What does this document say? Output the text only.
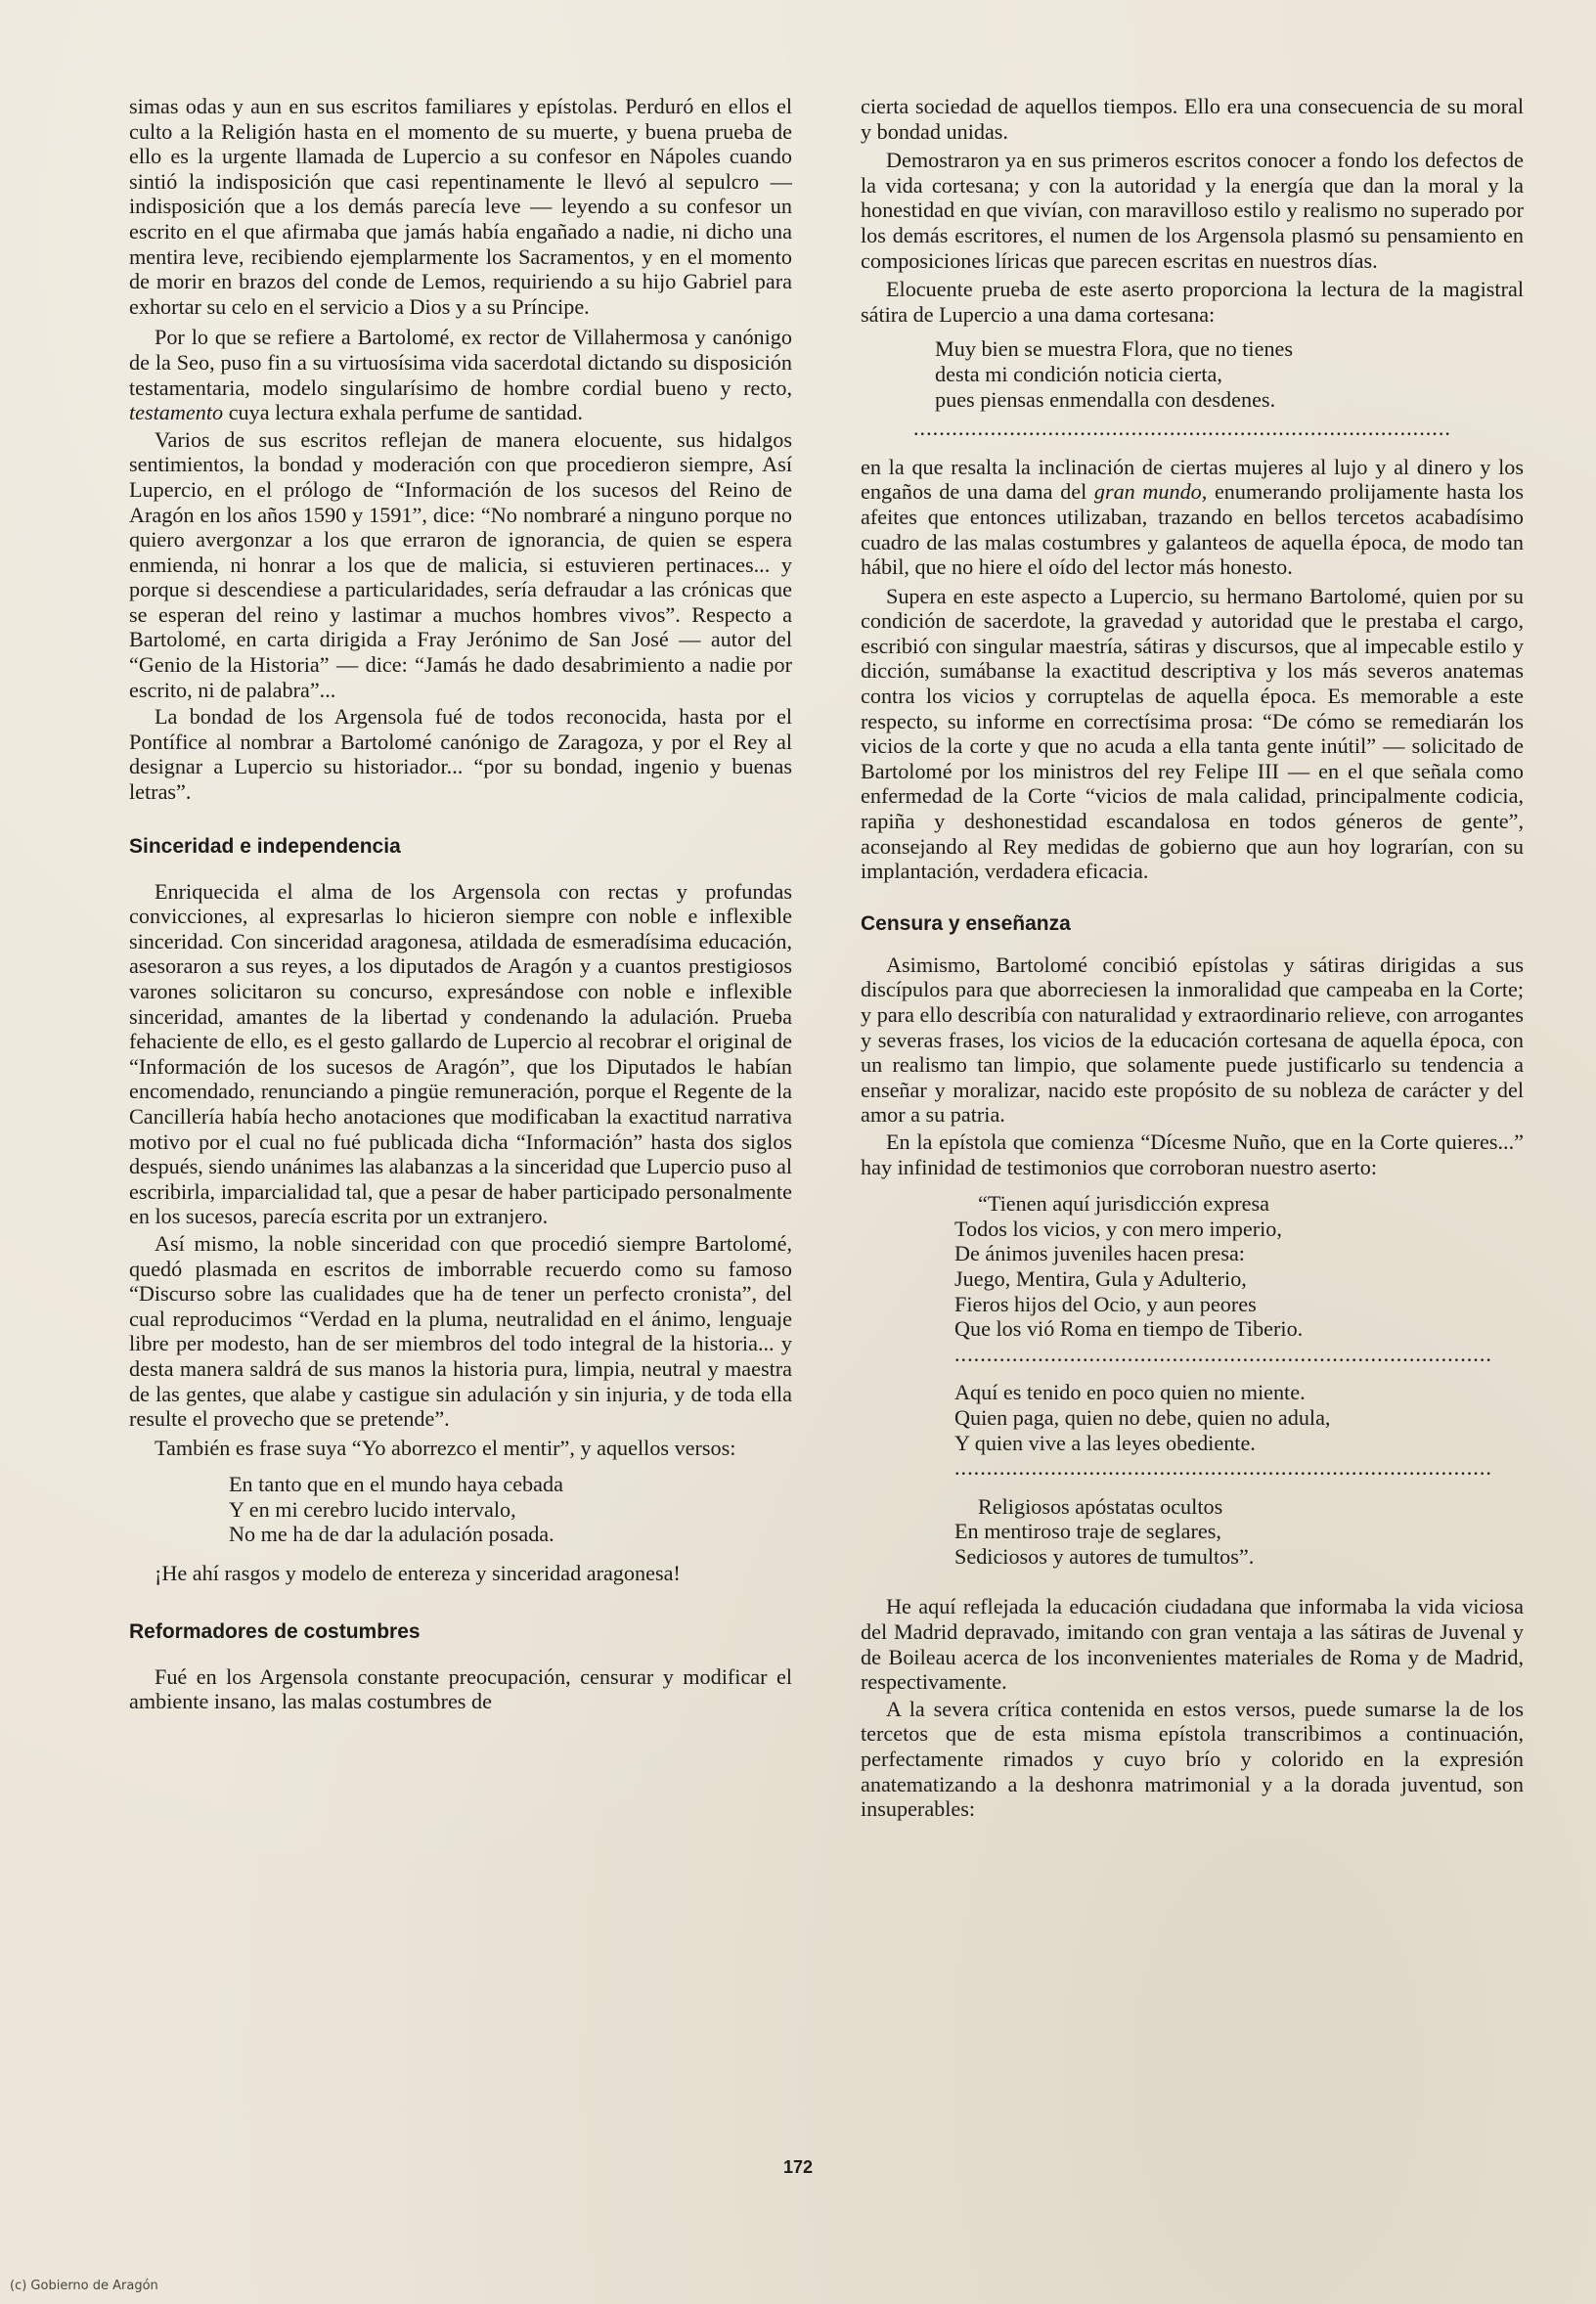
simas odas y aun en sus escritos familiares y epístolas. Perduró en ellos el culto a la Religión hasta en el momento de su muerte, y buena prueba de ello es la urgente llamada de Lupercio a su confesor en Nápoles cuando sintió la indisposición que casi repentinamente le llevó al sepulcro — indisposición que a los demás parecía leve — leyendo a su confesor un escrito en el que afirmaba que jamás había engañado a nadie, ni dicho una mentira leve, recibiendo ejemplarmente los Sacramentos, y en el momento de morir en brazos del conde de Lemos, requiriendo a su hijo Gabriel para exhortar su celo en el servicio a Dios y a su Príncipe.

Por lo que se refiere a Bartolomé, ex rector de Villahermosa y canónigo de la Seo, puso fin a su virtuosísima vida sacerdotal dictando su disposición testamentaria, modelo singularísimo de hombre cordial bueno y recto, testamento cuya lectura exhala perfume de santidad.

Varios de sus escritos reflejan de manera elocuente, sus hidalgos sentimientos, la bondad y moderación con que procedieron siempre, Así Lupercio, en el prólogo de “Información de los sucesos del Reino de Aragón en los años 1590 y 1591”, dice: “No nombraré a ninguno porque no quiero avergonzar a los que erraron de ignorancia, de quien se espera enmienda, ni honrar a los que de malicia, si estuvieren pertinaces... y porque si descendiese a particularidades, sería defraudar a las crónicas que se esperan del reino y lastimar a muchos hombres vivos”. Respecto a Bartolomé, en carta dirigida a Fray Jerónimo de San José — autor del “Genio de la Historia” — dice: “Jamás he dado desabrimiento a nadie por escrito, ni de palabra”...

La bondad de los Argensola fué de todos reconocida, hasta por el Pontífice al nombrar a Bartolomé canónigo de Zaragoza, y por el Rey al designar a Lupercio su historiador... “por su bondad, ingenio y buenas letras”.

Sinceridad e independencia

Enriquecida el alma de los Argensola con rectas y profundas convicciones, al expresarlas lo hicieron siempre con noble e inflexible sinceridad. Con sinceridad aragonesa, atildada de esmeradísima educación, asesoraron a sus reyes, a los diputados de Aragón y a cuantos prestigiosos varones solicitaron su concurso, expresándose con noble e inflexible sinceridad, amantes de la libertad y condenando la adulación. Prueba fehaciente de ello, es el gesto gallardo de Lupercio al recobrar el original de “Información de los sucesos de Aragón”, que los Diputados le habían encomendado, renunciando a pingüe remuneración, porque el Regente de la Cancillería había hecho anotaciones que modificaban la exactitud narrativa motivo por el cual no fué publicada dicha “Información” hasta dos siglos después, siendo unánimes las alabanzas a la sinceridad que Lupercio puso al escribirla, imparcialidad tal, que a pesar de haber participado personalmente en los sucesos, parecía escrita por un extranjero.

Así mismo, la noble sinceridad con que procedió siempre Bartolomé, quedó plasmada en escritos de imborrable recuerdo como su famoso “Discurso sobre las cualidades que ha de tener un perfecto cronista”, del cual reproducimos “Verdad en la pluma, neutralidad en el ánimo, lenguaje libre per modesto, han de ser miembros del todo integral de la historia... y desta manera saldrá de sus manos la historia pura, limpia, neutral y maestra de las gentes, que alabe y castigue sin adulación y sin injuria, y de toda ella resulte el provecho que se pretende”.

También es frase suya “Yo aborrezco el mentir”, y aquellos versos:

En tanto que en el mundo haya cebada
Y en mi cerebro lucido intervalo,
No me ha de dar la adulación posada.

¡He ahí rasgos y modelo de entereza y sinceridad aragonesa!

Reformadores de costumbres

Fué en los Argensola constante preocupación, censurar y modificar el ambiente insano, las malas costumbres de

cierta sociedad de aquellos tiempos. Ello era una consecuencia de su moral y bondad unidas.

Demostraron ya en sus primeros escritos conocer a fondo los defectos de la vida cortesana; y con la autoridad y la energía que dan la moral y la honestidad en que vivían, con maravilloso estilo y realismo no superado por los demás escritores, el numen de los Argensola plasmó su pensamiento en composiciones líricas que parecen escritas en nuestros días.

Elocuente prueba de este aserto proporciona la lectura de la magistral sátira de Lupercio a una dama cortesana:

Muy bien se muestra Flora, que no tienes
desta mi condición noticia cierta,
pues piensas enmendalla con desdenes.
....................................................................................

en la que resalta la inclinación de ciertas mujeres al lujo y al dinero y los engaños de una dama del gran mundo, enumerando prolijamente hasta los afeites que entonces utilizaban, trazando en bellos tercetos acabadísimo cuadro de las malas costumbres y galanteos de aquella época, de modo tan hábil, que no hiere el oído del lector más honesto.

Supera en este aspecto a Lupercio, su hermano Bartolomé, quien por su condición de sacerdote, la gravedad y autoridad que le prestaba el cargo, escribió con singular maestría, sátiras y discursos, que al impecable estilo y dicción, sumábanse la exactitud descriptiva y los más severos anatemas contra los vicios y corruptelas de aquella época. Es memorable a este respecto, su informe en correctísima prosa: “De cómo se remediarán los vicios de la corte y que no acuda a ella tanta gente inútil” — solicitado de Bartolomé por los ministros del rey Felipe III — en el que señala como enfermedad de la Corte “vicios de mala calidad, principalmente codicia, rapiña y deshonestidad escandalosa en todos géneros de gente”, aconsejando al Rey medidas de gobierno que aun hoy lograrían, con su implantación, verdadera eficacia.

Censura y enseñanza

Asimismo, Bartolomé concibió epístolas y sátiras dirigidas a sus discípulos para que aborreciesen la inmoralidad que campeaba en la Corte; y para ello describía con naturalidad y extraordinario relieve, con arrogantes y severas frases, los vicios de la educación cortesana de aquella época, con un realismo tan limpio, que solamente puede justificarlo su tendencia a enseñar y moralizar, nacido este propósito de su nobleza de carácter y del amor a su patria.

En la epístola que comienza “Dícesme Nuño, que en la Corte quieres...” hay infinidad de testimonios que corroboran nuestro aserto:

“Tienen aquí jurisdicción expresa
Todos los vicios, y con mero imperio,
De ánimos juveniles hacen presa:
Juego, Mentira, Gula y Adulterio,
Fieros hijos del Ocio, y aun peores
Que los vió Roma en tiempo de Tiberio.
....................................................................................
Aquí es tenido en poco quien no miente.
Quien paga, quien no debe, quien no adula,
Y quien vive a las leyes obediente.
....................................................................................
Religiosos apóstatas ocultos
En mentiroso traje de seglares,
Sediciosos y autores de tumultos”.

He aquí reflejada la educación ciudadana que informaba la vida viciosa del Madrid depravado, imitando con gran ventaja a las sátiras de Juvenal y de Boileau acerca de los inconvenientes materiales de Roma y de Madrid, respectivamente.

A la severa crítica contenida en estos versos, puede sumarse la de los tercetos que de esta misma epístola transcribimos a continuación, perfectamente rimados y cuyo brío y colorido en la expresión anatematizando a la deshonra matrimonial y a la dorada juventud, son insuperables:

172
(c) Gobierno de Aragón
